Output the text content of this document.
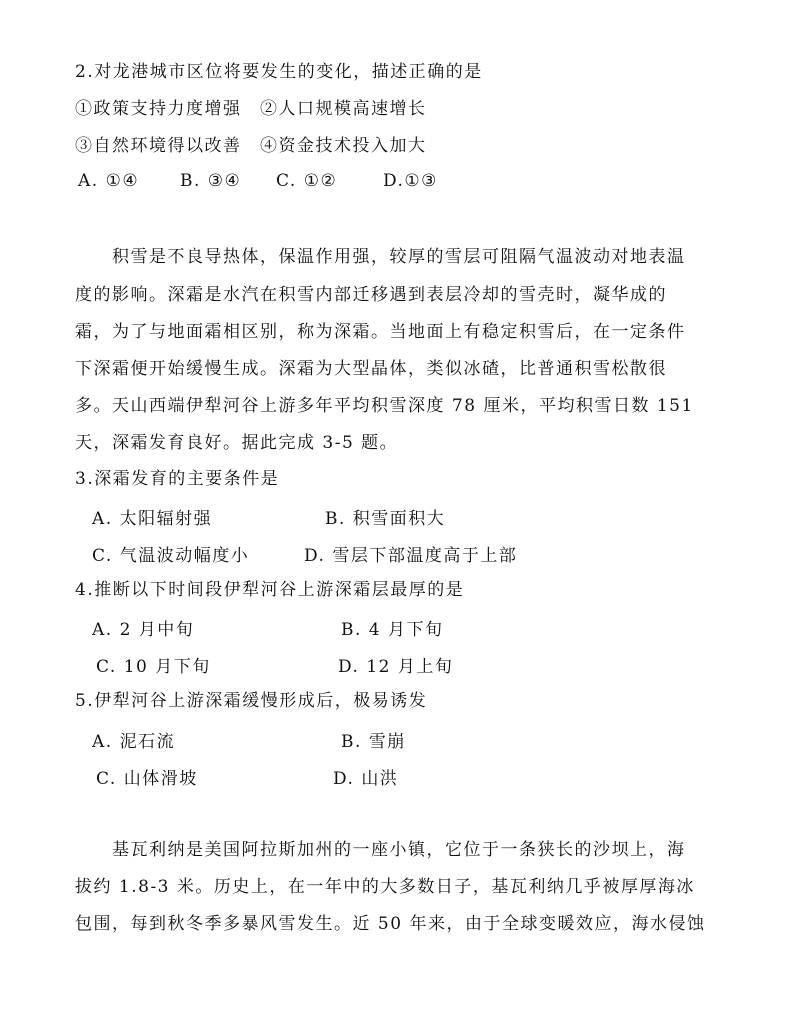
2.对龙港城市区位将要发生的变化，描述正确的是
①政策支持力度增强　②人口规模高速增长
③自然环境得以改善　④资金技术投入加大
A. ①④ B. ③④ C. ①②	D.①③
积雪是不良导热体，保温作用强，较厚的雪层可阻隔气温波动对地表温
度的影响。深霜是水汽在积雪内部迁移遇到表层冷却的雪壳时，凝华成的
霜，为了与地面霜相区别，称为深霜。当地面上有稳定积雪后，在一定条件
下深霜便开始缓慢生成。深霜为大型晶体，类似冰碴，比普通积雪松散很
多。天山西端伊犁河谷上游多年平均积雪深度 78 厘米，平均积雪日数 151
天，深霜发育良好。据此完成 3-5 题。
3.深霜发育的主要条件是
A. 太阳辐射强	B. 积雪面积大
C. 气温波动幅度小	D. 雪层下部温度高于上部
4.推断以下时间段伊犁河谷上游深霜层最厚的是
A. 2 月中旬	B. 4 月下旬
C. 10 月下旬	D. 12 月上旬
5.伊犁河谷上游深霜缓慢形成后，极易诱发
A. 泥石流	B. 雪崩
C. 山体滑坡	D. 山洪
基瓦利纳是美国阿拉斯加州的一座小镇，它位于一条狭长的沙坝上，海
拔约 1.8-3 米。历史上，在一年中的大多数日子，基瓦利纳几乎被厚厚海冰
包围，每到秋冬季多暴风雪发生。近 50 年来，由于全球变暖效应，海水侵蚀
